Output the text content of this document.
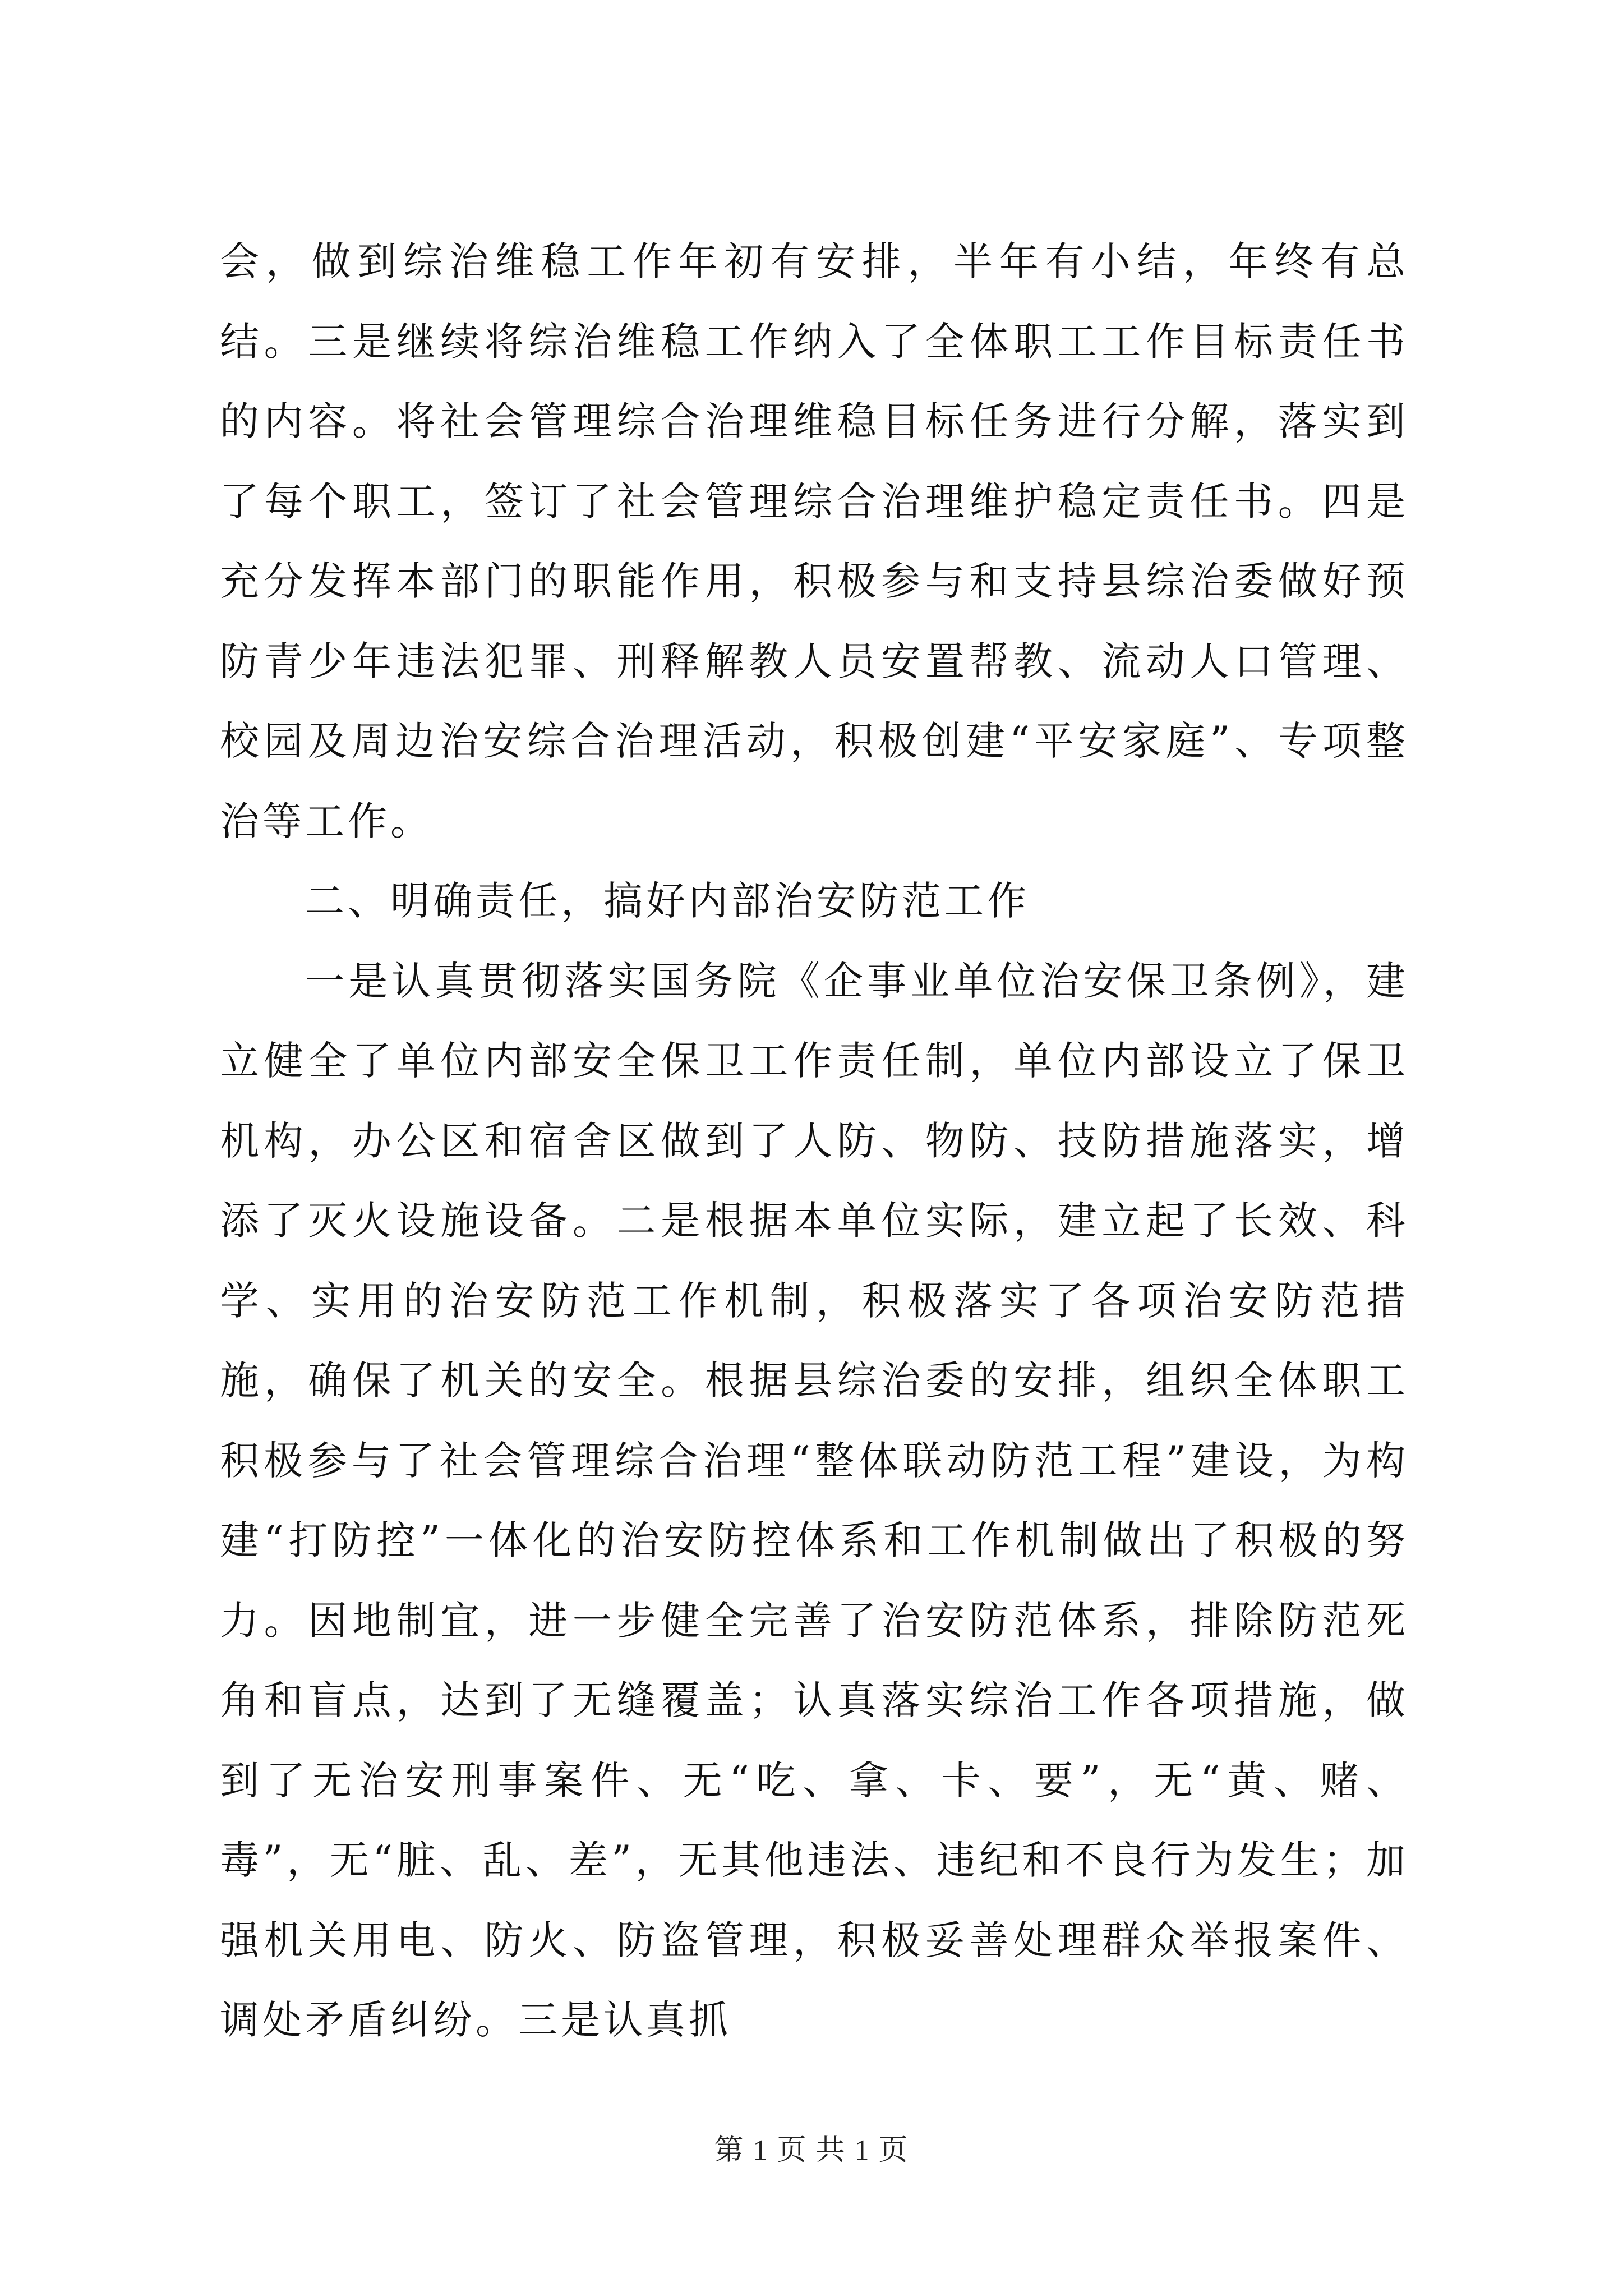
会，做到综治维稳工作年初有安排，半年有小结，年终有总结。三是继续将综治维稳工作纳入了全体职工工作目标责任书的内容。将社会管理综合治理维稳目标任务进行分解，落实到了每个职工，签订了社会管理综合治理维护稳定责任书。四是充分发挥本部门的职能作用，积极参与和支持县综治委做好预防青少年违法犯罪、刑释解教人员安置帮教、流动人口管理、校园及周边治安综合治理活动，积极创建“平安家庭”、专项整治等工作。

二、明确责任，搞好内部治安防范工作

一是认真贯彻落实国务院《企事业单位治安保卫条例》，建立健全了单位内部安全保卫工作责任制，单位内部设立了保卫机构，办公区和宿舍区做到了人防、物防、技防措施落实，增添了灭火设施设备。二是根据本单位实际，建立起了长效、科学、实用的治安防范工作机制，积极落实了各项治安防范措施，确保了机关的安全。根据县综治委的安排，组织全体职工积极参与了社会管理综合治理“整体联动防范工程”建设，为构建“打防控”一体化的治安防控体系和工作机制做出了积极的努力。因地制宜，进一步健全完善了治安防范体系，排除防范死角和盲点，达到了无缝覆盖；认真落实综治工作各项措施，做到了无治安刑事案件、无“吃、拿、卡、要”，无“黄、赌、毒”，无“脏、乱、差”，无其他违法、违纪和不良行为发生；加强机关用电、防火、防盗管理，积极妥善处理群众举报案件、调处矛盾纠纷。三是认真抓

第 1 页 共 1 页
